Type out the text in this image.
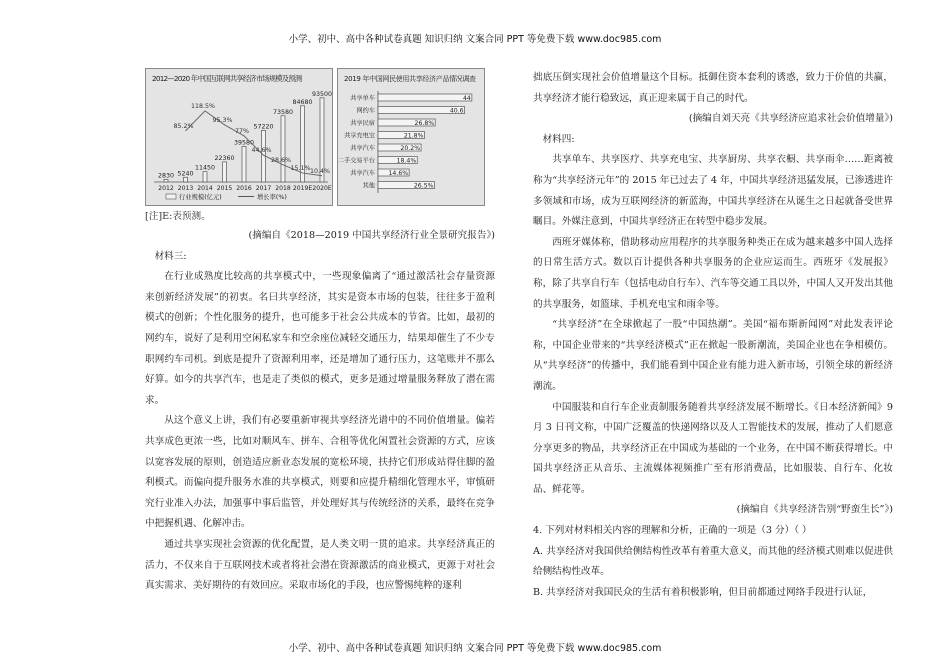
小学、初中、高中各种试卷真题 知识归纳 文案合同 PPT 等免费下载 www.doc985.com
2012—2020 年中国互联网共享经济市场规模及预测
2830
2012
5240
2013
11450
2014
22360
2015
39580
2016
57220
2017
73580
2018
84680
2019E
93500
2020E
85.2%
118.5%
95.3%
77%
44.6%
28.6%
15.1% 10.4%
行业规模(亿元)	增长率(%)
2019 年中国网民使用共享经济产品情况调查
共享单车	44
网约车	40.6
共享民宿	26.8%
共享充电宝	21.8%
共享汽车	20.2%
二手交易平台	18.4%
共享汽车 14.6%
其他	26.5%
[注]E:表预测。

(摘编自《2018—2019 中国共享经济行业全景研究报告》)

材料三:

在行业成熟度比较高的共享模式中，一些现象偏离了“通过激活社会存量资源来创新经济发展”的初衷。名曰共享经济，其实是资本市场的包装，往往多于盈利模式的创新；个性化服务的提升，也可能多于社会公共成本的节省。比如，最初的网约车，说好了是利用空闲私家车和空余座位减轻交通压力，结果却催生了不少专职网约车司机。到底是提升了资源利用率，还是增加了通行压力，这笔账并不那么好算。如今的共享汽车，也是走了类似的模式，更多是通过增量服务释放了潜在需求。

从这个意义上讲，我们有必要重新审视共享经济光谱中的不同价值增量。偏若共享成色更浓一些，比如对顺风车、拼车、合租等优化闲置社会资源的方式，应该以宽容发展的原则，创造适应新业态发展的宽松环境，扶持它们形成站得住脚的盈利模式。而偏向提升服务水准的共享模式，则要和应提升精细化管理水平，审慎研究行业准入办法，加强事中事后监管，并处理好其与传统经济的关系，最终在竞争中把握机遇、化解冲击。

通过共享实现社会资源的优化配置，是人类文明一贯的追求。共享经济真正的活力，不仅来自于互联网技术或者将社会潜在资源激活的商业模式，更源于对社会真实需求、美好期待的有效回应。采取市场化的手段，也应警惕纯粹的逐利

拙底压倒实现社会价值增量这个目标。抵御住资本套利的诱惑，致力于价值的共赢，共享经济才能行稳致远，真正迎来属于自己的时代。

(摘编自刘天亮《共享经济应追求社会价值增量》)

材料四:

共享单车、共享医疗、共享充电宝、共享厨房、共享衣橱、共享雨伞……距离被称为“共享经济元年”的 2015 年已过去了 4 年，中国共享经济迅猛发展，已渗透进许多领域和市场，成为互联网经济的新蓝海，中国共享经济在从诞生之日起就备受世界瞩目。外媒注意到，中国共享经济正在转型中稳步发展。

西班牙媒体称，借助移动应用程序的共享服务种类正在成为越来越多中国人选择的日常生活方式。数以百计提供各种共享服务的企业应运而生。西班牙《发展报》称，除了共享自行车（包括电动自行车）、汽车等交通工具以外，中国人又开发出其他的共享服务，如篮球、手机充电宝和雨伞等。

“共享经济”在全球掀起了一股“中国热潮”。美国“福布斯新闻网”对此发表评论称，中国企业带来的“共享经济模式”正在掀起一股新潮流，美国企业也在争相模仿。从“共享经济”的传播中，我们能看到中国企业有能力进入新市场，引领全球的新经济潮流。

中国服装和自行车企业责制服务随着共享经济发展不断增长。《日本经济新闻》9 月 3 日刊文称，中国广泛覆盖的快递网络以及人工智能技术的发展，推动了人们愿意分享更多的物品，共享经济正在中国成为基础的一个业务，在中国不断获得增长。中国共享经济正从音乐、主流媒体视频推广至有形消费品，比如服装、自行车、化妆品、鲜花等。

(摘编自《共享经济告别“野蛮生长”》)

4. 下列对材料相关内容的理解和分析，正确的一项是（3 分）（ ）

A. 共享经济对我国供给侧结构性改革有着重大意义，而其他的经济模式则难以促进供给侧结构性改革。

B. 共享经济对我国民众的生活有着积极影响，但目前都通过网络手段进行认证，

小学、初中、高中各种试卷真题 知识归纳 文案合同 PPT 等免费下载 www.doc985.com
